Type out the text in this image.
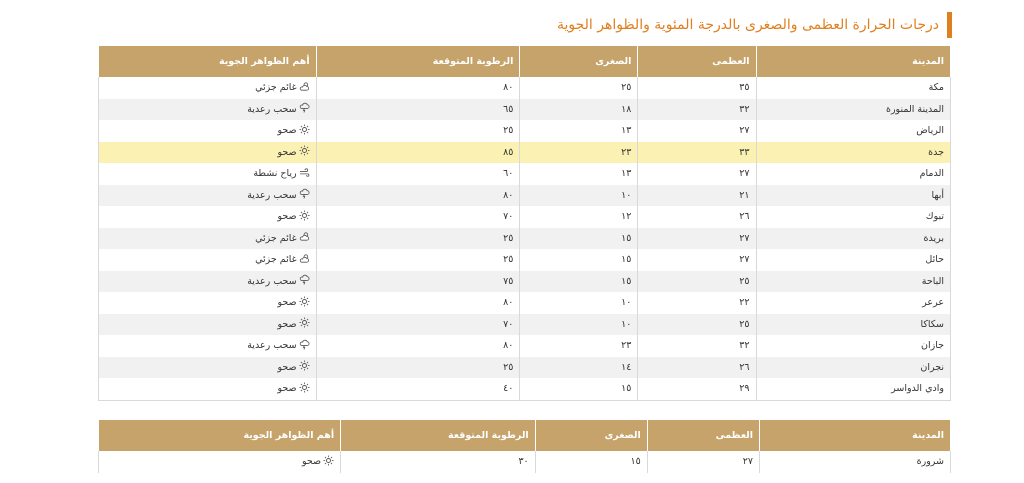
درجات الحرارة العظمى والصغرى بالدرجة المئوية والظواهر الجوية
المدينة	العظمى	الصغرى	الرطوبة المتوقعة	أهم الظواهر الجوية
مكة	٣٥	٢٥	٨٠	غائم جزئي

المدينة المنورة	٣٢	١٨	٦٥	سحب رعدية

الرياض	٢٧	١٣	٢٥	صحو

جدة	٣٣	٢٣	٨٥	صحو

الدمام	٢٧	١٣	٦٠	رياح نشطة

أبها	٢١	١٠	٨٠	سحب رعدية

تبوك	٢٦	١٢	٧٠	صحو

بريدة	٢٧	١٥	٢٥	غائم جزئي

حائل	٢٧	١٥	٢٥	غائم جزئي

الباحة	٢٥	١٥	٧٥	سحب رعدية

عرعر	٢٢	١٠	٨٠	صحو

سكاكا	٢٥	١٠	٧٠	صحو

جازان	٣٢	٢٣	٨٠	سحب رعدية

نجران	٢٦	١٤	٢٥	صحو

وادي الدواسر	٢٩	١٥	٤٠	صحو
المدينة	العظمى	الصغرى	الرطوبة المتوقعة	أهم الظواهر الجوية
شرورة	٢٧	١٥	٣٠	صحو
